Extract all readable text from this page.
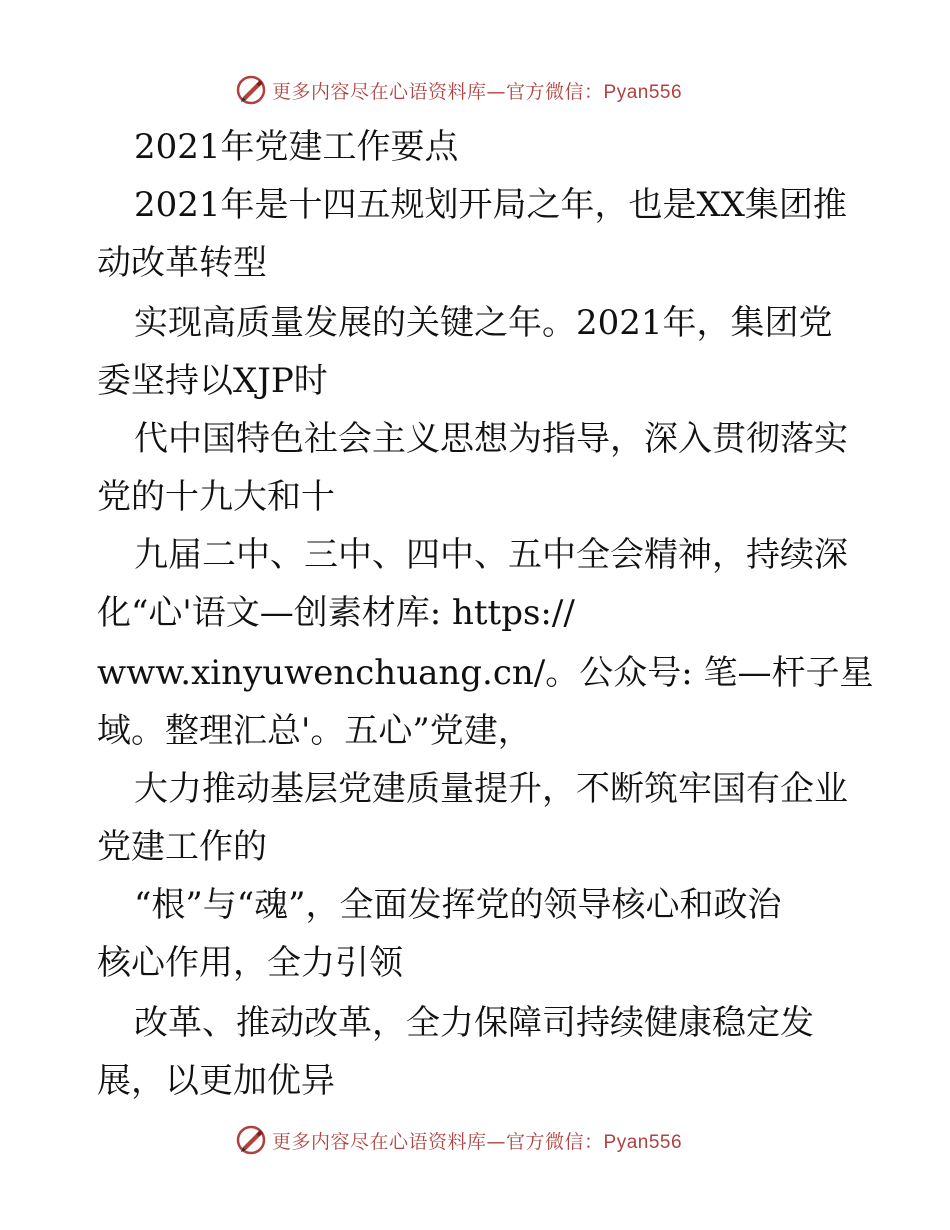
更多内容尽在心语资料库—官方微信：Pyan556
2021年党建工作要点
2021年是十四五规划开局之年，也是XX集团推
动改革转型
实现高质量发展的关键之年。2021年，集团党
委坚持以XJP时
代中国特色社会主义思想为指导，深入贯彻落实
党的十九大和十
九届二中、三中、四中、五中全会精神，持续深
化“心'语文—创素材库: https://
www.xinyuwenchuang.cn/。公众号: 笔—杆子星
域。整理汇总'。五心”党建，
大力推动基层党建质量提升，不断筑牢国有企业
党建工作的
“根”与“魂”，全面发挥党的领导核心和政治
核心作用，全力引领
改革、推动改革，全力保障司持续健康稳定发
展，以更加优异
更多内容尽在心语资料库—官方微信：Pyan556
